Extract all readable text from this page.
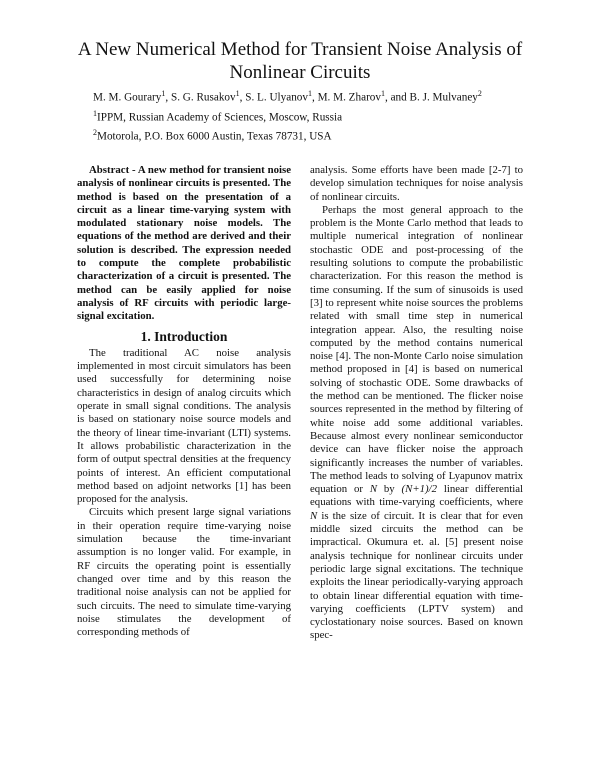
A New Numerical Method for Transient Noise Analysis of
Nonlinear Circuits
M. M. Gourary$^1$, S. G. Rusakov$^1$, S. L. Ulyanov$^1$, M. M. Zharov$^1$, and B. J. Mulvaney$^2$
$^1$IPPM, Russian Academy of Sciences, Moscow, Russia
$^2$Motorola, P.O. Box 6000 Austin, Texas 78731, USA

Abstract - A new method for transient noise analysis of nonlinear circuits is presented. The method is based on the presentation of a circuit as a linear time-varying system with modulated stationary noise models. The equations of the method are derived and their solution is described. The expression needed to compute the complete probabilistic characterization of a circuit is presented. The method can be easily applied for noise analysis of RF circuits with periodic large-signal excitation.

1. Introduction

The traditional AC noise analysis implemented in most circuit simulators has been used successfully for determining noise characteristics in design of analog circuits which operate in small signal conditions. The analysis is based on stationary noise source models and the theory of linear time-invariant (LTI) systems. It allows probabilistic characterization in the form of output spectral densities at the frequency points of interest. An efficient computational method based on adjoint networks [1] has been proposed for the analysis.

Circuits which present large signal variations in their operation require time-varying noise simulation because the time-invariant assumption is no longer valid. For example, in RF circuits the operating point is essentially changed over time and by this reason the traditional noise analysis can not be applied for such circuits. The need to simulate time-varying noise stimulates the development of corresponding methods of

analysis. Some efforts have been made [2-7] to develop simulation techniques for noise analysis of nonlinear circuits.

Perhaps the most general approach to the problem is the Monte Carlo method that leads to multiple numerical integration of nonlinear stochastic ODE and post-processing of the resulting solutions to compute the probabilistic characterization. For this reason the method is time consuming. If the sum of sinusoids is used [3] to represent white noise sources the problems related with small time step in numerical integration appear. Also, the resulting noise computed by the method contains numerical noise [4]. The non-Monte Carlo noise simulation method proposed in [4] is based on numerical solving of stochastic ODE. Some drawbacks of the method can be mentioned. The flicker noise sources represented in the method by filtering of white noise add some additional variables. Because almost every nonlinear semiconductor device can have flicker noise the approach significantly increases the number of variables. The method leads to solving of Lyapunov matrix equation or N by (N+1)/2 linear differential equations with time-varying coefficients, where N is the size of circuit. It is clear that for even middle sized circuits the method can be impractical. Okumura et. al. [5] present noise analysis technique for nonlinear circuits under periodic large signal excitations. The technique exploits the linear periodically-varying approach to obtain linear differential equation with time-varying coefficients (LPTV system) and cyclostationary noise sources. Based on known spec-
